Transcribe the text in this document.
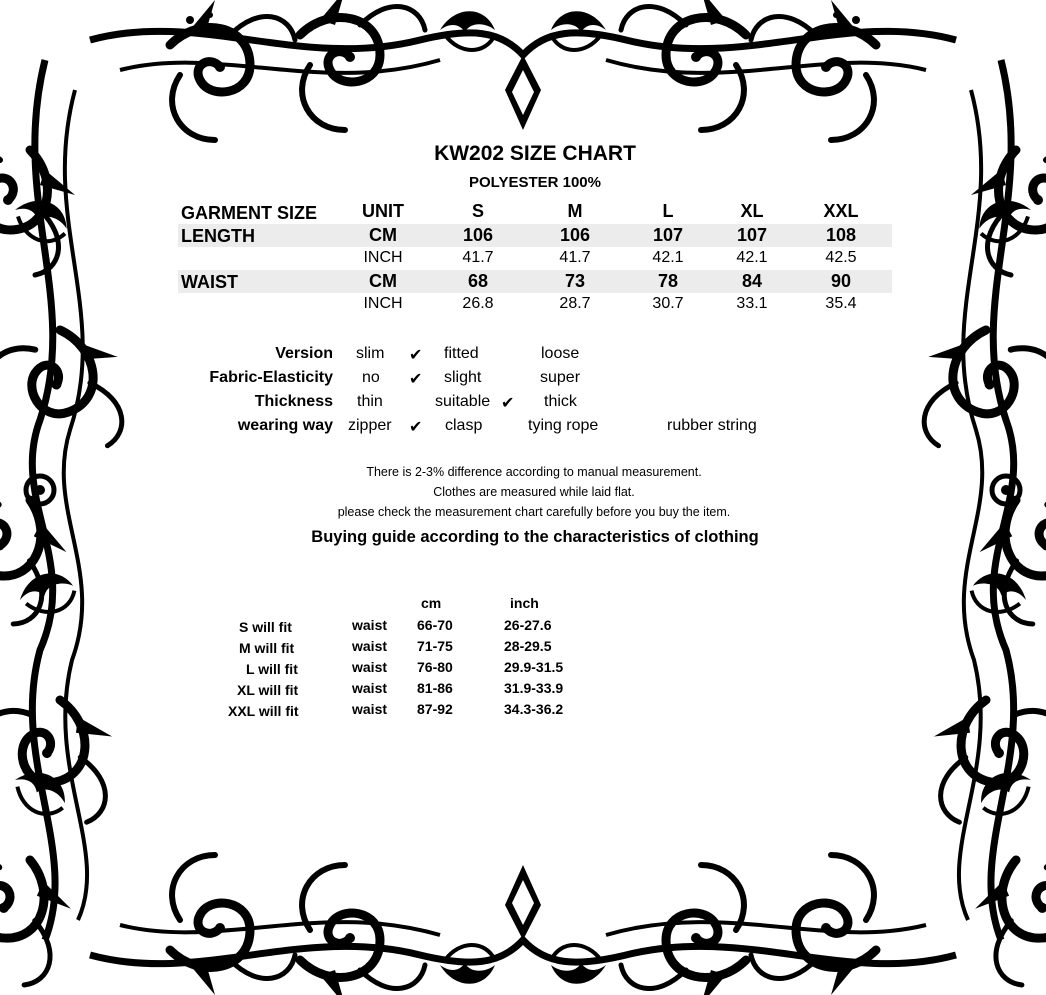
KW202 SIZE CHART
POLYESTER 100%
GARMENT SIZE	UNIT	S	M	L	XL	XXL
LENGTH	CM	106	106	107	107	108
INCH	41.7	41.7	42.1	42.1	42.5
WAIST	CM	68	73	78	84	90
INCH	26.8	28.7	30.7	33.1	35.4
Version slim ✔ fitted	loose
Fabric-Elasticity no ✔ slight	super
Thickness thin	suitable ✔ thick
wearing way zipper ✔ clasp	tying rope	rubber string
There is 2-3% difference according to manual measurement.
Clothes are measured while laid flat.
please check the measurement chart carefully before you buy the item.
Buying guide according to the characteristics of clothing
cm	inch
S will fit	waist 66-70	26-27.6
M will fit	waist 71-75	28-29.5
L will fit	waist 76-80	29.9-31.5
XL will fit	waist 81-86	31.9-33.9
XXL will fit	waist 87-92	34.3-36.2
